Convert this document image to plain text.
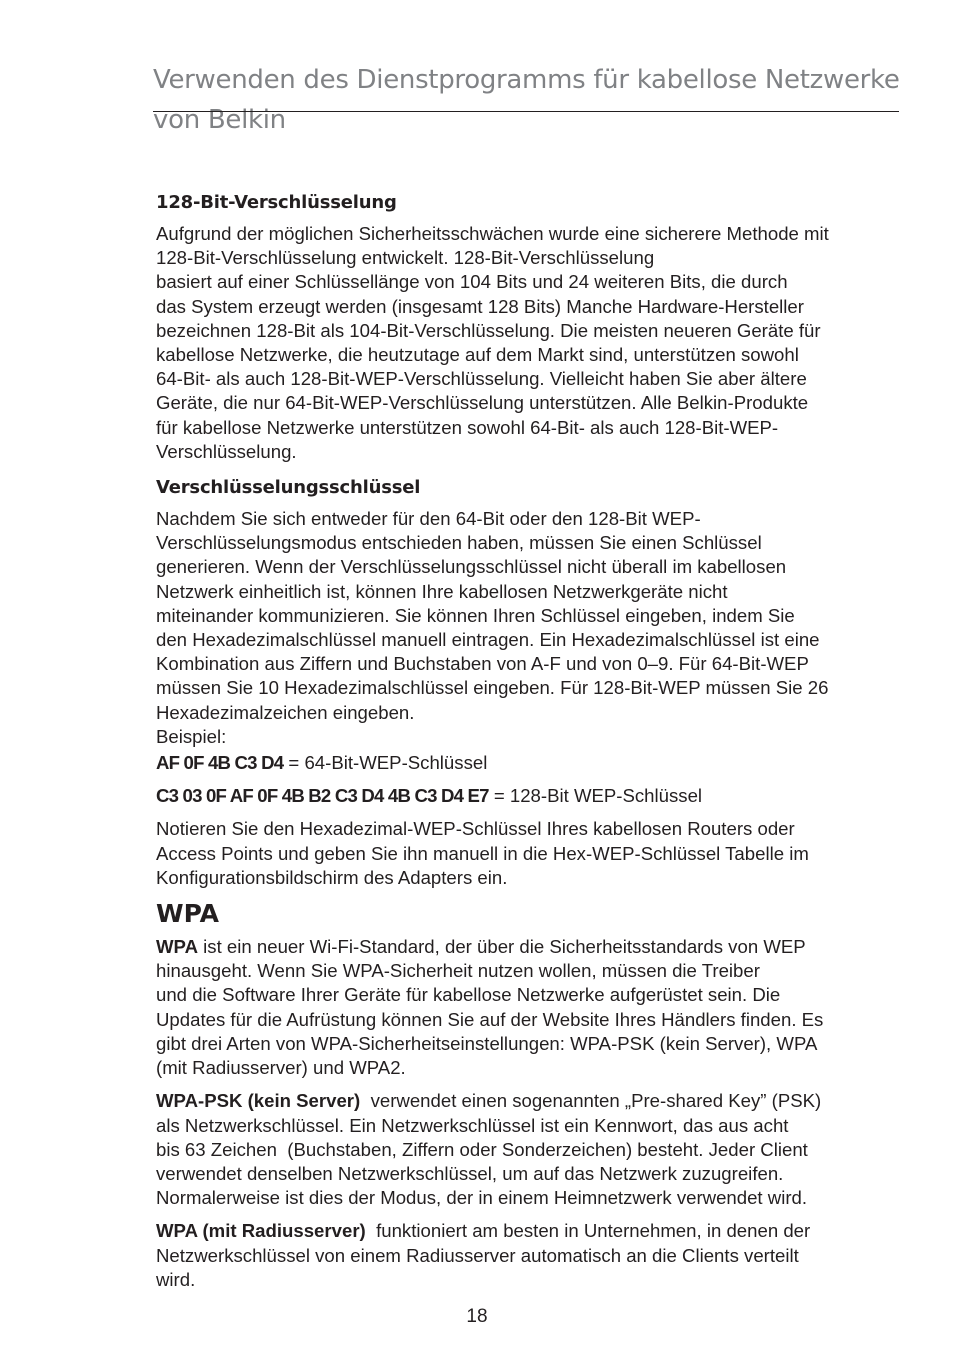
Verwenden des Dienstprogramms für kabellose Netzwerke von Belkin
128-Bit-Verschlüsselung

Aufgrund der möglichen Sicherheitsschwächen wurde eine sicherere Methode mit
128-Bit-Verschlüsselung entwickelt. 128-Bit-Verschlüsselung
basiert auf einer Schlüssellänge von 104 Bits und 24 weiteren Bits, die durch
das System erzeugt werden (insgesamt 128 Bits) Manche Hardware-Hersteller
bezeichnen 128-Bit als 104-Bit-Verschlüsselung. Die meisten neueren Geräte für
kabellose Netzwerke, die heutzutage auf dem Markt sind, unterstützen sowohl
64-Bit- als auch 128-Bit-WEP-Verschlüsselung. Vielleicht haben Sie aber ältere
Geräte, die nur 64-Bit-WEP-Verschlüsselung unterstützen. Alle Belkin-Produkte
für kabellose Netzwerke unterstützen sowohl 64-Bit- als auch 128-Bit-WEP-
Verschlüsselung.

Verschlüsselungsschlüssel

Nachdem Sie sich entweder für den 64-Bit oder den 128-Bit WEP-
Verschlüsselungsmodus entschieden haben, müssen Sie einen Schlüssel
generieren. Wenn der Verschlüsselungsschlüssel nicht überall im kabellosen
Netzwerk einheitlich ist, können Ihre kabellosen Netzwerkgeräte nicht
miteinander kommunizieren. Sie können Ihren Schlüssel eingeben, indem Sie
den Hexadezimalschlüssel manuell eintragen. Ein Hexadezimalschlüssel ist eine
Kombination aus Ziffern und Buchstaben von A-F und von 0–9. Für 64-Bit-WEP
müssen Sie 10 Hexadezimalschlüssel eingeben. Für 128-Bit-WEP müssen Sie 26
Hexadezimalzeichen eingeben.
Beispiel:
AF 0F 4B C3 D4 = 64-Bit-WEP-Schlüssel

C3 03 0F AF 0F 4B B2 C3 D4 4B C3 D4 E7 = 128-Bit WEP-Schlüssel

Notieren Sie den Hexadezimal-WEP-Schlüssel Ihres kabellosen Routers oder
Access Points und geben Sie ihn manuell in die Hex-WEP-Schlüssel Tabelle im
Konfigurationsbildschirm des Adapters ein.

WPA

WPA ist ein neuer Wi-Fi-Standard, der über die Sicherheitsstandards von WEP
hinausgeht. Wenn Sie WPA-Sicherheit nutzen wollen, müssen die Treiber
und die Software Ihrer Geräte für kabellose Netzwerke aufgerüstet sein. Die
Updates für die Aufrüstung können Sie auf der Website Ihres Händlers finden. Es
gibt drei Arten von WPA-Sicherheitseinstellungen: WPA-PSK (kein Server), WPA
(mit Radiusserver) und WPA2.

WPA-PSK (kein Server)  verwendet einen sogenannten „Pre-shared Key” (PSK)
als Netzwerkschlüssel. Ein Netzwerkschlüssel ist ein Kennwort, das aus acht
bis 63 Zeichen  (Buchstaben, Ziffern oder Sonderzeichen) besteht. Jeder Client
verwendet denselben Netzwerkschlüssel, um auf das Netzwerk zuzugreifen.
Normalerweise ist dies der Modus, der in einem Heimnetzwerk verwendet wird.

WPA (mit Radiusserver)  funktioniert am besten in Unternehmen, in denen der
Netzwerkschlüssel von einem Radiusserver automatisch an die Clients verteilt
wird.

18
